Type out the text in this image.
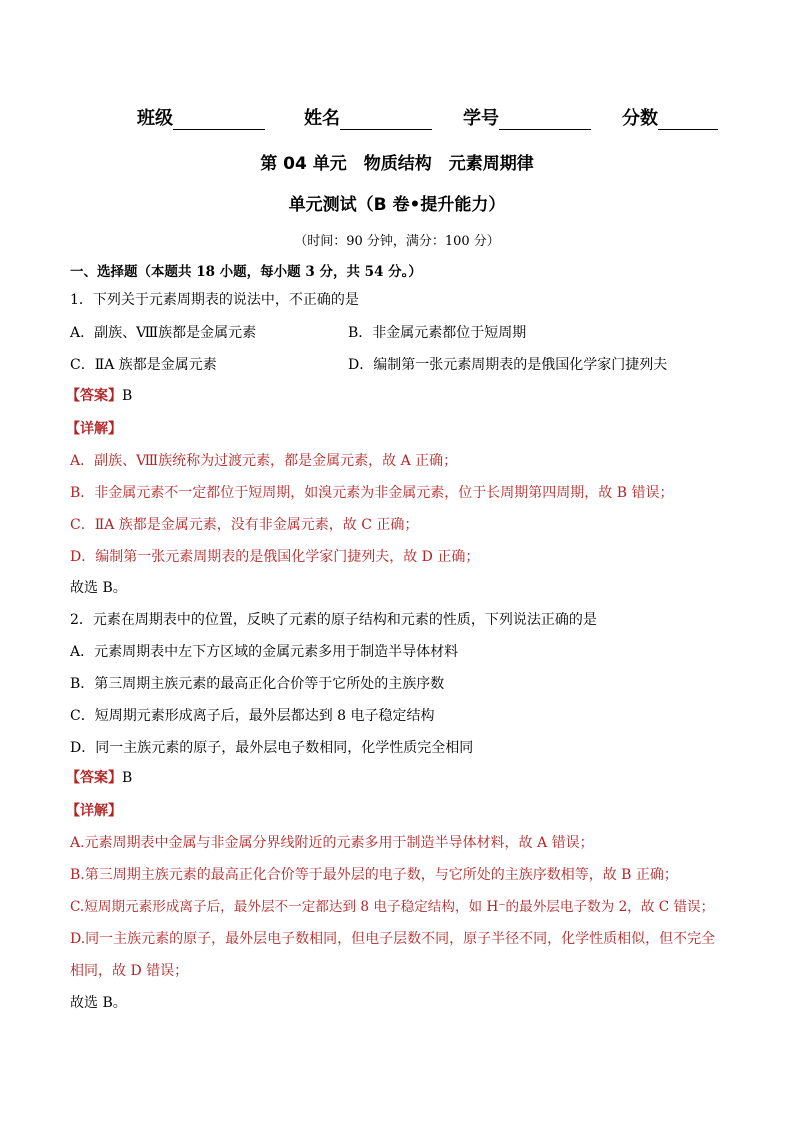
班级	姓名	学号	分数
第 04 单元　物质结构　元素周期律
单元测试（B 卷•提升能力）
（时间：90 分钟，满分：100 分）
一、选择题（本题共 18 小题，每小题 3 分，共 54 分。）
1．下列关于元素周期表的说法中，不正确的是
A．副族、Ⅷ族都是金属元素	B．非金属元素都位于短周期
C．ⅡA 族都是金属元素	D．编制第一张元素周期表的是俄国化学家门捷列夫
【答案】B
【详解】
A．副族、Ⅷ族统称为过渡元素，都是金属元素，故 A 正确；
B．非金属元素不一定都位于短周期，如溴元素为非金属元素，位于长周期第四周期，故 B 错误；
C．ⅡA 族都是金属元素，没有非金属元素，故 C 正确；
D．编制第一张元素周期表的是俄国化学家门捷列夫，故 D 正确；
故选 B。
2．元素在周期表中的位置，反映了元素的原子结构和元素的性质，下列说法正确的是
A．元素周期表中左下方区域的金属元素多用于制造半导体材料
B．第三周期主族元素的最高正化合价等于它所处的主族序数
C．短周期元素形成离子后，最外层都达到 8 电子稳定结构
D．同一主族元素的原子，最外层电子数相同，化学性质完全相同
【答案】B
【详解】
A.元素周期表中金属与非金属分界线附近的元素多用于制造半导体材料，故 A 错误；
B.第三周期主族元素的最高正化合价等于最外层的电子数，与它所处的主族序数相等，故 B 正确；
C.短周期元素形成离子后，最外层不一定都达到 8 电子稳定结构，如 H⁻的最外层电子数为 2，故 C 错误；
D.同一主族元素的原子，最外层电子数相同，但电子层数不同，原子半径不同，化学性质相似，但不完全
相同，故 D 错误；
故选 B。
